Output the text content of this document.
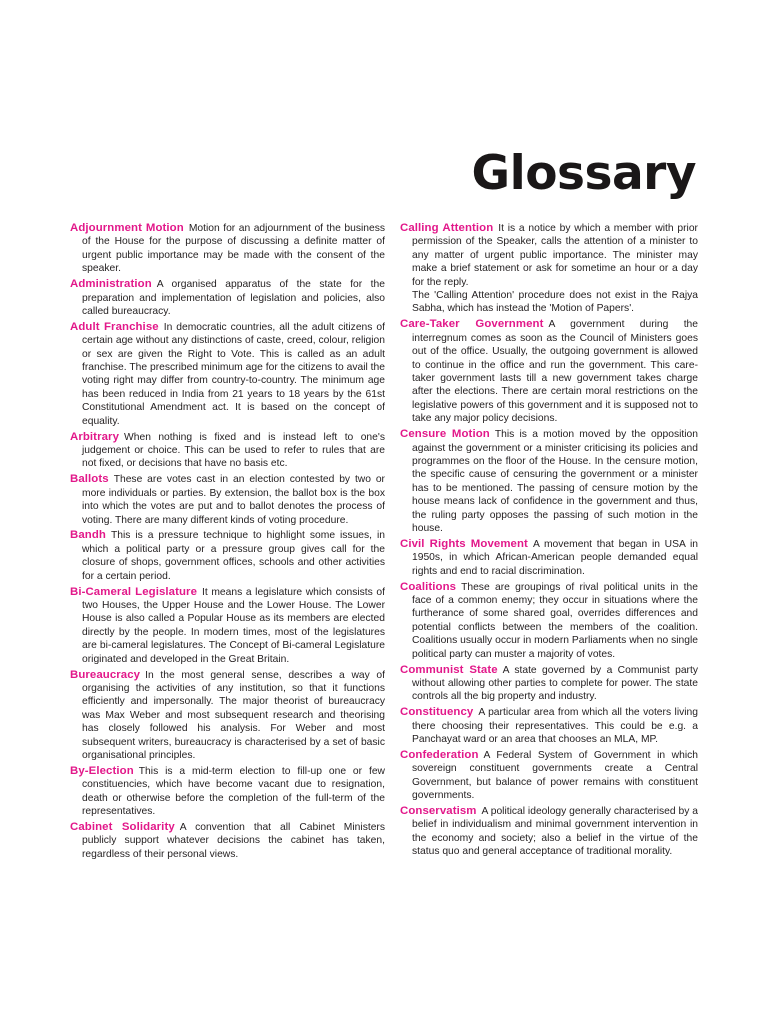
Glossary

Adjournment Motion Motion for an adjournment of the business of the House for the purpose of discussing a definite matter of urgent public importance may be made with the consent of the speaker.

Administration A organised apparatus of the state for the preparation and implementation of legislation and policies, also called bureaucracy.

Adult Franchise In democratic countries, all the adult citizens of certain age without any distinctions of caste, creed, colour, religion or sex are given the Right to Vote. This is called as an adult franchise. The prescribed minimum age for the citizens to avail the voting right may differ from country-to-country. The minimum age has been reduced in India from 21 years to 18 years by the 61st Constitutional Amendment act. It is based on the concept of equality.

Arbitrary When nothing is fixed and is instead left to one's judgement or choice. This can be used to refer to rules that are not fixed, or decisions that have no basis etc.

Ballots These are votes cast in an election contested by two or more individuals or parties. By extension, the ballot box is the box into which the votes are put and to ballot denotes the process of voting. There are many different kinds of voting procedure.

Bandh This is a pressure technique to highlight some issues, in which a political party or a pressure group gives call for the closure of shops, government offices, schools and other activities for a certain period.

Bi-Cameral Legislature It means a legislature which consists of two Houses, the Upper House and the Lower House. The Lower House is also called a Popular House as its members are elected directly by the people. In modern times, most of the legislatures are bi-cameral legislatures. The Concept of Bi-cameral Legislature originated and developed in the Great Britain.

Bureaucracy In the most general sense, describes a way of organising the activities of any institution, so that it functions efficiently and impersonally. The major theorist of bureaucracy was Max Weber and most subsequent research and theorising has closely followed his analysis. For Weber and most subsequent writers, bureaucracy is characterised by a set of basic organisational principles.

By-Election This is a mid-term election to fill-up one or few constituencies, which have become vacant due to resignation, death or otherwise before the completion of the full-term of the representatives.

Cabinet Solidarity A convention that all Cabinet Ministers publicly support whatever decisions the cabinet has taken, regardless of their personal views.

Calling Attention It is a notice by which a member with prior permission of the Speaker, calls the attention of a minister to any matter of urgent public importance. The minister may make a brief statement or ask for sometime an hour or a day for the reply.
The 'Calling Attention' procedure does not exist in the Rajya Sabha, which has instead the 'Motion of Papers'.

Care-Taker Government A government during the interregnum comes as soon as the Council of Ministers goes out of the office. Usually, the outgoing government is allowed to continue in the office and run the government. This care-taker government lasts till a new government takes charge after the elections. There are certain moral restrictions on the legislative powers of this government and it is supposed not to take any major policy decisions.

Censure Motion This is a motion moved by the opposition against the government or a minister criticising its policies and programmes on the floor of the House. In the censure motion, the specific cause of censuring the government or a minister has to be mentioned. The passing of censure motion by the house means lack of confidence in the government and thus, the ruling party opposes the passing of such motion in the house.

Civil Rights Movement A movement that began in USA in 1950s, in which African-American people demanded equal rights and end to racial discrimination.

Coalitions These are groupings of rival political units in the face of a common enemy; they occur in situations where the furtherance of some shared goal, overrides differences and potential conflicts between the members of the coalition. Coalitions usually occur in modern Parliaments when no single political party can muster a majority of votes.

Communist State A state governed by a Communist party without allowing other parties to complete for power. The state controls all the big property and industry.

Constituency A particular area from which all the voters living there choosing their representatives. This could be e.g. a Panchayat ward or an area that chooses an MLA, MP.

Confederation A Federal System of Government in which sovereign constituent governments create a Central Government, but balance of power remains with constituent governments.

Conservatism A political ideology generally characterised by a belief in individualism and minimal government intervention in the economy and society; also a belief in the virtue of the status quo and general acceptance of traditional morality.
